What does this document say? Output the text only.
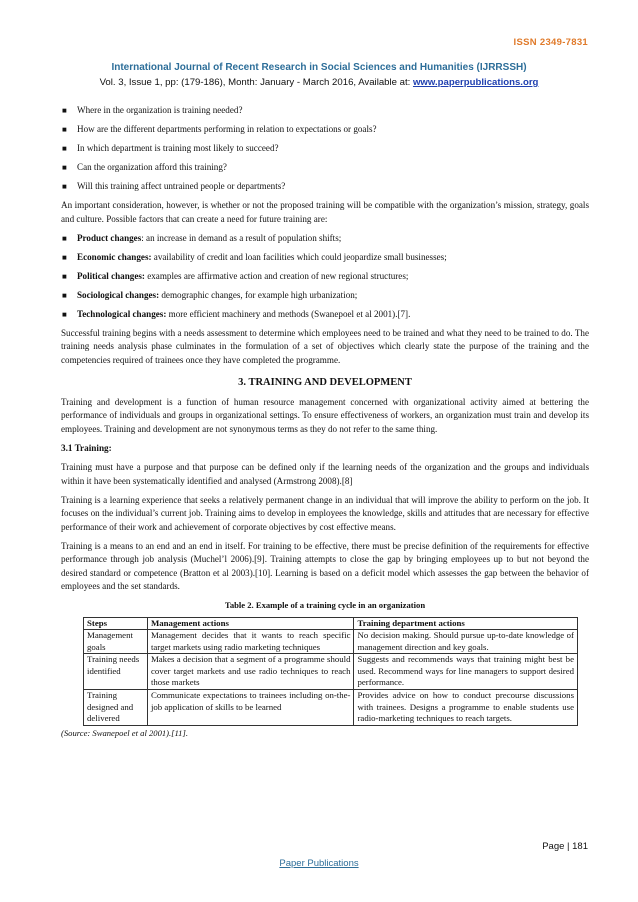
ISSN 2349-7831
International Journal of Recent Research in Social Sciences and Humanities (IJRRSSH)
Vol. 3, Issue 1, pp: (179-186), Month: January - March 2016, Available at: www.paperpublications.org
■ Where in the organization is training needed?
■ How are the different departments performing in relation to expectations or goals?
■ In which department is training most likely to succeed?
■ Can the organization afford this training?
■ Will this training affect untrained people or departments?

An important consideration, however, is whether or not the proposed training will be compatible with the organization’s mission, strategy, goals and culture. Possible factors that can create a need for future training are:

■ Product changes: an increase in demand as a result of population shifts;
■ Economic changes: availability of credit and loan facilities which could jeopardize small businesses;
■ Political changes: examples are affirmative action and creation of new regional structures;
■ Sociological changes: demographic changes, for example high urbanization;
■ Technological changes: more efficient machinery and methods (Swanepoel et al 2001).[7].

Successful training begins with a needs assessment to determine which employees need to be trained and what they need to be trained to do. The training needs analysis phase culminates in the formulation of a set of objectives which clearly state the purpose of the training and the competencies required of trainees once they have completed the programme.

3. TRAINING AND DEVELOPMENT

Training and development is a function of human resource management concerned with organizational activity aimed at bettering the performance of individuals and groups in organizational settings. To ensure effectiveness of workers, an organization must train and develop its employees. Training and development are not synonymous terms as they do not refer to the same thing.

3.1 Training:

Training must have a purpose and that purpose can be defined only if the learning needs of the organization and the groups and individuals within it have been systematically identified and analysed (Armstrong 2008).[8]

Training is a learning experience that seeks a relatively permanent change in an individual that will improve the ability to perform on the job. It focuses on the individual’s current job. Training aims to develop in employees the knowledge, skills and attitudes that are necessary for effective performance of their work and achievement of corporate objectives by cost effective means.

Training is a means to an end and an end in itself. For training to be effective, there must be precise definition of the requirements for effective performance through job analysis (Muchel’l 2006).[9]. Training attempts to close the gap by bringing employees up to but not beyond the desired standard or competence (Bratton et al 2003).[10]. Learning is based on a deficit model which assesses the gap between the behavior of employees and the set standards.

Table 2. Example of a training cycle in an organization
Steps	Management actions	Training department actions
Management goals	Management decides that it wants to reach specific target markets using radio marketing techniques	No decision making. Should pursue up-to-date knowledge of management direction and key goals.
Training needs identified	Makes a decision that a segment of a programme should cover target markets and use radio techniques to reach those markets	Suggests and recommends ways that training might best be used. Recommend ways for line managers to support desired performance.
Training designed and delivered	Communicate expectations to trainees including on-the-job application of skills to be learned	Provides advice on how to conduct precourse discussions with trainees. Designs a programme to enable students use radio-marketing techniques to reach targets.
(Source: Swanepoel et al 2001).[11].
Page | 181
Paper Publications
